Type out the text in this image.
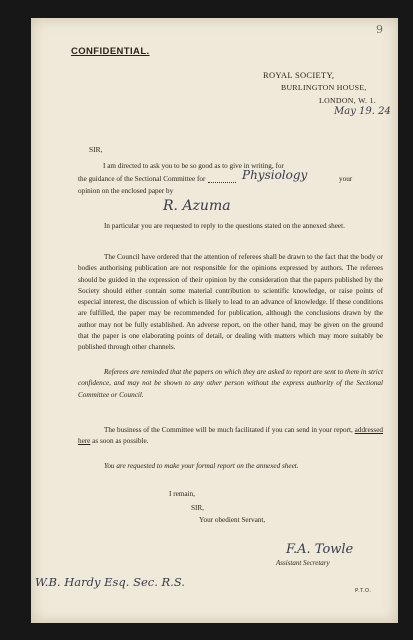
9
CONFIDENTIAL.
ROYAL SOCIETY,
BURLINGTON HOUSE,
LONDON, W. 1.
May 19. 24
SIR,
I am directed to ask you to be so good as to give in writing, for
the guidance of the Sectional Committee for	Physiology	your
opinion on the enclosed paper by
R. Azuma
In particular you are requested to reply to the questions stated on the annexed sheet.
The Council have ordered that the attention of referees shall be drawn to the fact that the body or bodies authorising publication are not responsible for the opinions expressed by authors. The referees should be guided in the expression of their opinion by the consideration that the papers published by the Society should either contain some material contribution to scientific knowledge, or raise points of especial interest, the discussion of which is likely to lead to an advance of knowledge. If these conditions are fulfilled, the paper may be recommended for publication, although the conclusions drawn by the author may not be fully established. An adverse report, on the other hand, may be given on the ground that the paper is one elaborating points of detail, or dealing with matters which may more suitably be published through other channels.
Referees are reminded that the papers on which they are asked to report are sent to them in strict confidence, and may not be shown to any other person without the express authority of the Sectional Committee or Council.
The business of the Committee will be much facilitated if you can send in your report, addressed here as soon as possible.
You are requested to make your formal report on the annexed sheet.
I remain,
SIR,
Your obedient Servant,
F.A. Towle
Assistant Secretary
W.B. Hardy Esq. Sec. R.S.
P.T.O.
